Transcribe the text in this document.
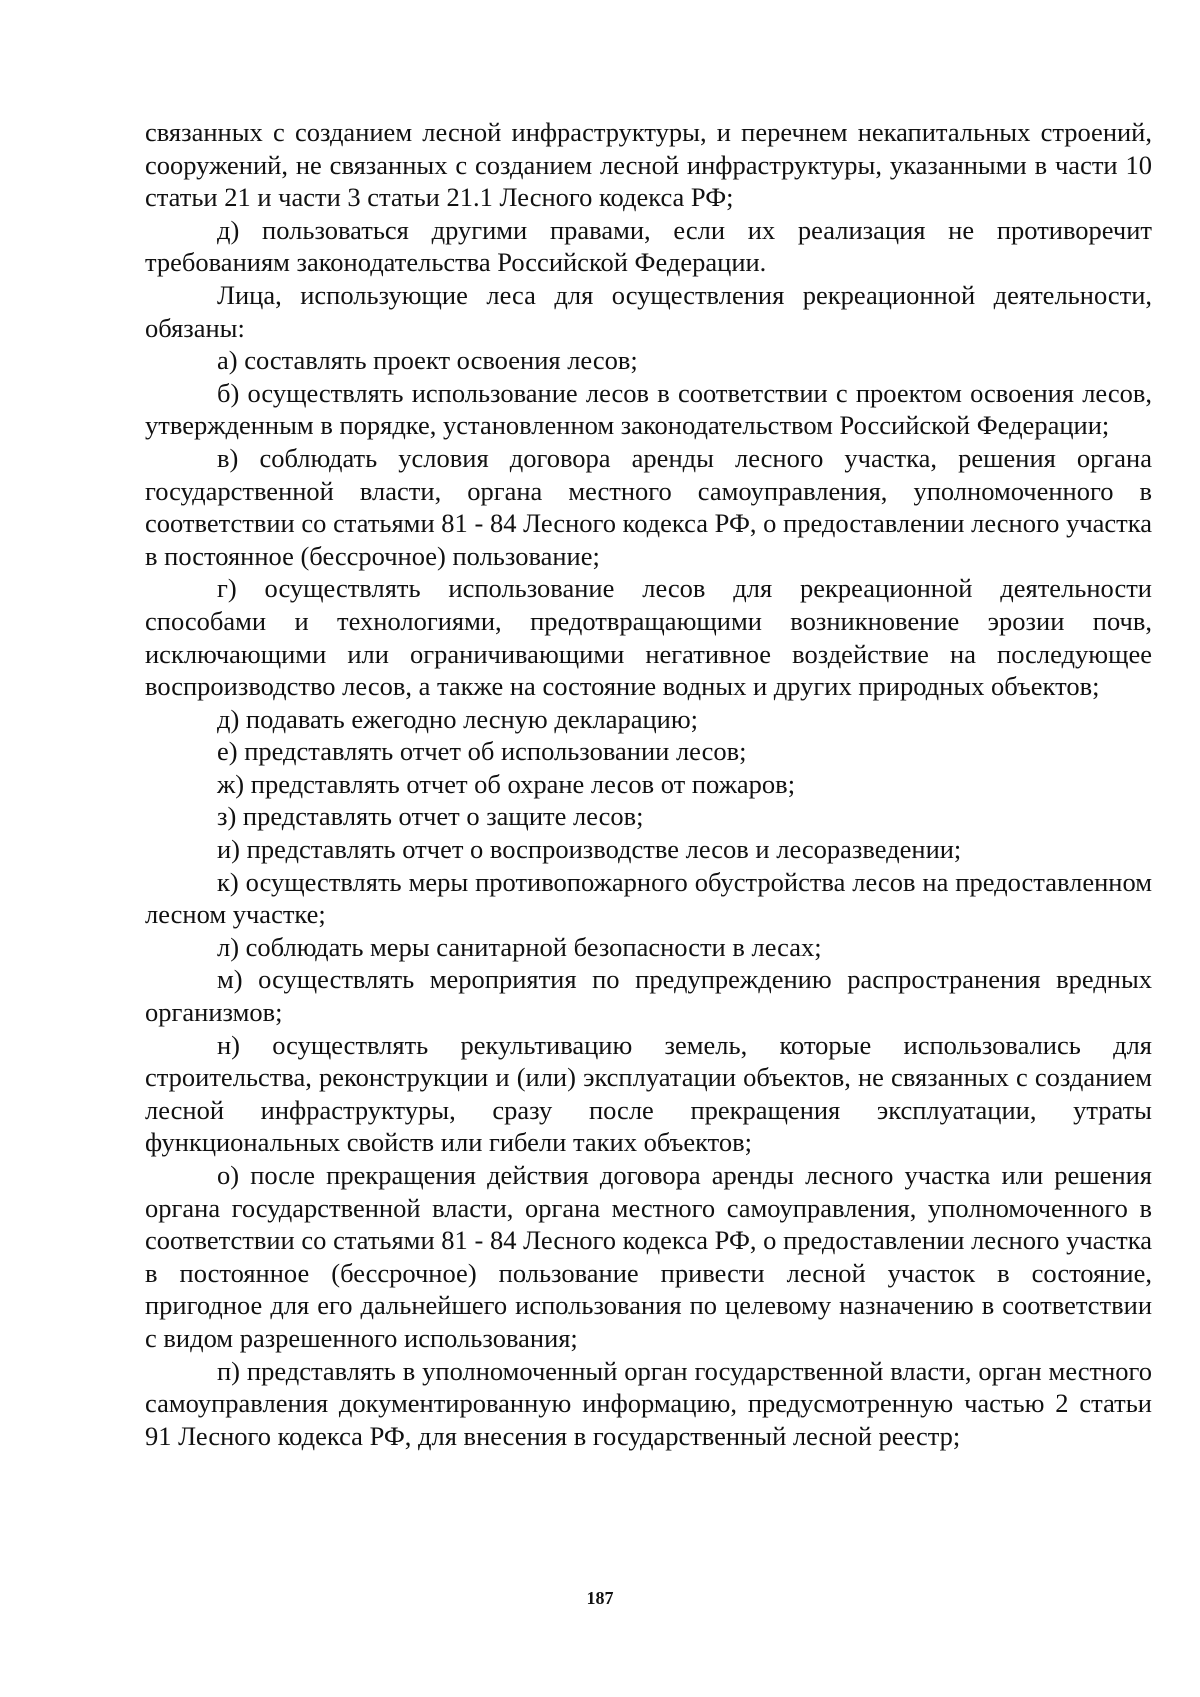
связанных с созданием лесной инфраструктуры, и перечнем некапитальных строений, сооружений, не связанных с созданием лесной инфраструктуры, указанными в части 10 статьи 21 и части 3 статьи 21.1 Лесного кодекса РФ;

д) пользоваться другими правами, если их реализация не противоречит требованиям законодательства Российской Федерации.

Лица, использующие леса для осуществления рекреационной деятельности, обязаны:

а) составлять проект освоения лесов;

б) осуществлять использование лесов в соответствии с проектом освоения лесов, утвержденным в порядке, установленном законодательством Российской Федерации;

в) соблюдать условия договора аренды лесного участка, решения органа государственной власти, органа местного самоуправления, уполномоченного в соответствии со статьями 81 - 84 Лесного кодекса РФ, о предоставлении лесного участка в постоянное (бессрочное) пользование;

г) осуществлять использование лесов для рекреационной деятельности способами и технологиями, предотвращающими возникновение эрозии почв, исключающими или ограничивающими негативное воздействие на последующее воспроизводство лесов, а также на состояние водных и других природных объектов;

д) подавать ежегодно лесную декларацию;

е) представлять отчет об использовании лесов;

ж) представлять отчет об охране лесов от пожаров;

з) представлять отчет о защите лесов;

и) представлять отчет о воспроизводстве лесов и лесоразведении;

к) осуществлять меры противопожарного обустройства лесов на предоставленном лесном участке;

л) соблюдать меры санитарной безопасности в лесах;

м) осуществлять мероприятия по предупреждению распространения вредных организмов;

н) осуществлять рекультивацию земель, которые использовались для строительства, реконструкции и (или) эксплуатации объектов, не связанных с созданием лесной инфраструктуры, сразу после прекращения эксплуатации, утраты функциональных свойств или гибели таких объектов;

о) после прекращения действия договора аренды лесного участка или решения органа государственной власти, органа местного самоуправления, уполномоченного в соответствии со статьями 81 - 84 Лесного кодекса РФ, о предоставлении лесного участка в постоянное (бессрочное) пользование привести лесной участок в состояние, пригодное для его дальнейшего использования по целевому назначению в соответствии с видом разрешенного использования;

п) представлять в уполномоченный орган государственной власти, орган местного самоуправления документированную информацию, предусмотренную частью 2 статьи 91 Лесного кодекса РФ, для внесения в государственный лесной реестр;

187
